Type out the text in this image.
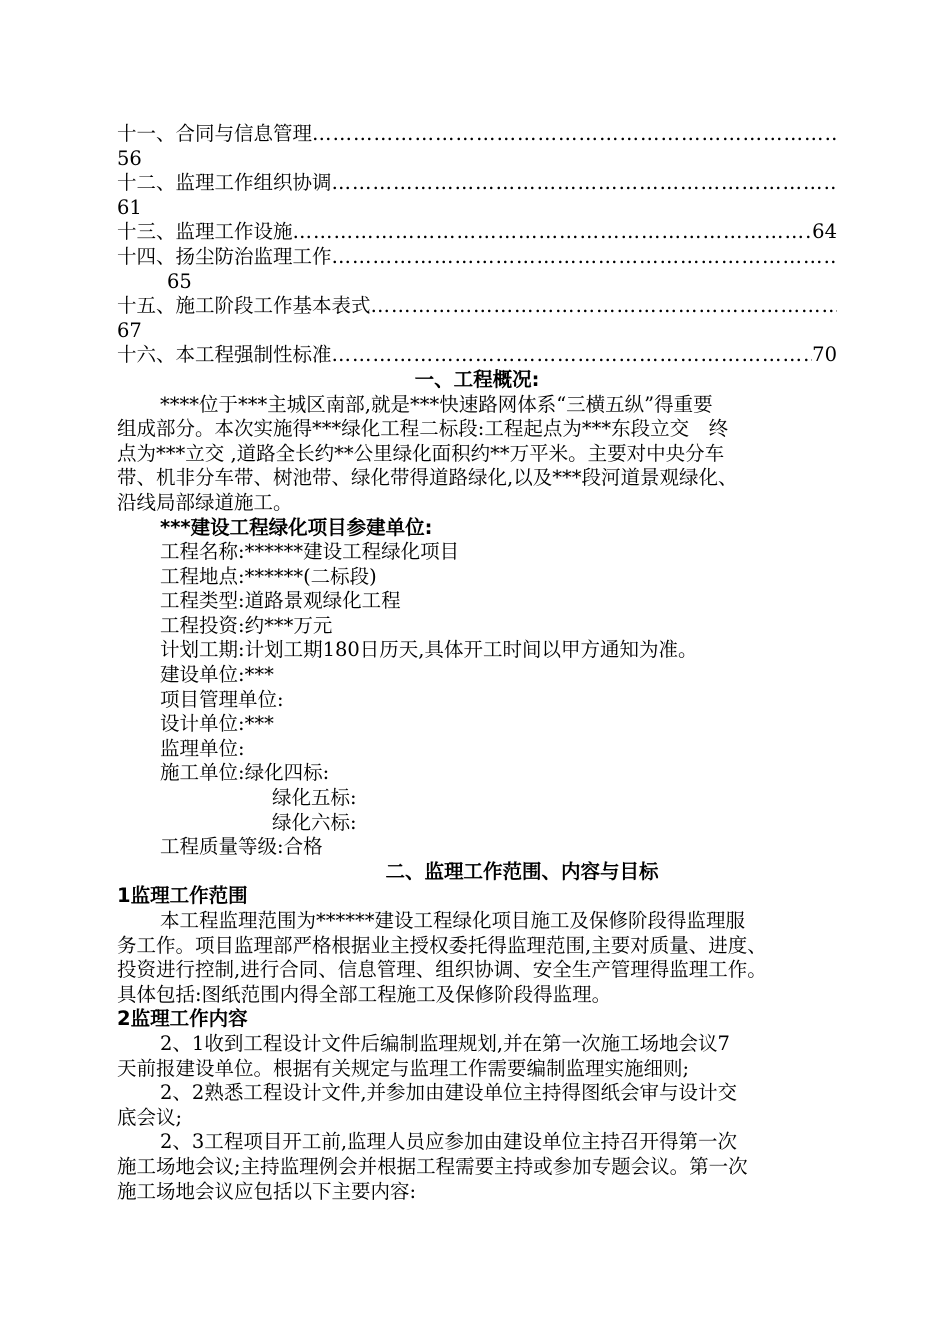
十一、合同与信息管理
…………………………………………………………………………………………………………………………
56
十二、监理工作组织协调
…………………………………………………………………………………………………………………………
61
十三、监理工作设施 …………………………………………………………………………………………………………………………	64
十四、扬尘防治监理工作
…………………………………………………………………………………………………………………………
65
十五、施工阶段工作基本表式
…………………………………………………………………………………………………………………………
67
十六、本工程强制性标准 …………………………………………………………………………………………………………………………	70
一、工程概况:
****位于***主城区南部,就是***快速路网体系“三横五纵”得重要
组成部分。本次实施得***绿化工程二标段:工程起点为***东段立交　终
点为***立交 ,道路全长约**公里绿化面积约**万平米。主要对中央分车
带、机非分车带、树池带、绿化带得道路绿化,以及***段河道景观绿化、
沿线局部绿道施工。
***建设工程绿化项目参建单位:
工程名称:******建设工程绿化项目
工程地点:******(二标段)
工程类型:道路景观绿化工程
工程投资:约***万元
计划工期:计划工期180日历天,具体开工时间以甲方通知为准。
建设单位:***
项目管理单位:
设计单位:***
监理单位:
施工单位:绿化四标:
绿化五标:
绿化六标:
工程质量等级:合格
二、监理工作范围、内容与目标
1监理工作范围
本工程监理范围为******建设工程绿化项目施工及保修阶段得监理服
务工作。项目监理部严格根据业主授权委托得监理范围,主要对质量、进度、
投资进行控制,进行合同、信息管理、组织协调、安全生产管理得监理工作。
具体包括:图纸范围内得全部工程施工及保修阶段得监理。
2监理工作内容
2、1收到工程设计文件后编制监理规划,并在第一次施工场地会议7
天前报建设单位。根据有关规定与监理工作需要编制监理实施细则;
2、2熟悉工程设计文件,并参加由建设单位主持得图纸会审与设计交
底会议;
2、3工程项目开工前,监理人员应参加由建设单位主持召开得第一次
施工场地会议;主持监理例会并根据工程需要主持或参加专题会议。第一次
施工场地会议应包括以下主要内容:
